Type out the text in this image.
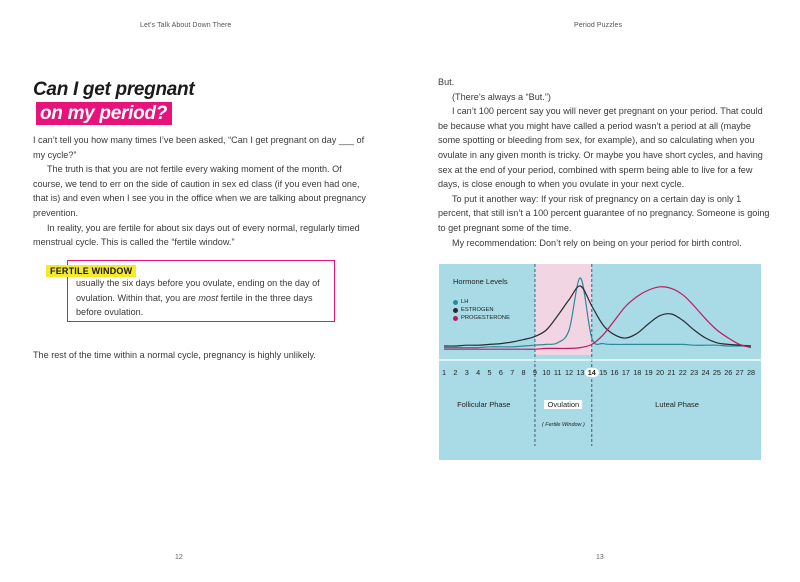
Let’s Talk About Down There
Can I get pregnant
on my period?

I can’t tell you how many times I’ve been asked, “Can I get pregnant on day ___ of my cycle?”

The truth is that you are not fertile every waking moment of the month. Of course, we tend to err on the side of caution in sex ed class (if you even had one, that is) and even when I see you in the office when we are talking about pregnancy prevention.

In reality, you are fertile for about six days out of every normal, regularly timed menstrual cycle. This is called the “fertile window.”

FERTILE WINDOW
usually the six days before you ovulate, ending on the day of ovulation. Within that, you are most fertile in the three days before ovulation.

The rest of the time within a normal cycle, pregnancy is highly unlikely.

12
Period Puzzles

But.

(There’s always a “But.”)

I can’t 100 percent say you will never get pregnant on your period. That could be because what you might have called a period wasn’t a period at all (maybe some spotting or bleeding from sex, for example), and so calculating when you ovulate in any given month is tricky. Or maybe you have short cycles, and having sex at the end of your period, combined with sperm being able to live for a few days, is close enough to when you ovulate in your next cycle.

To put it another way: If your risk of pregnancy on a certain day is only 1 percent, that still isn’t a 100 percent guarantee of no pregnancy. Someone is going to get pregnant some of the time.

My recommendation: Don’t rely on being on your period for birth control.

13
Hormone Levels
LH
ESTROGEN
PROGESTERONE
1 2 3 4 5 6 7 8 9 10 11 12 13 14 15 16 17 18 19 20 21 22 23 24 25 26 27 28
Follicular Phase	Ovulation	Luteal Phase
( Fertile Window )
